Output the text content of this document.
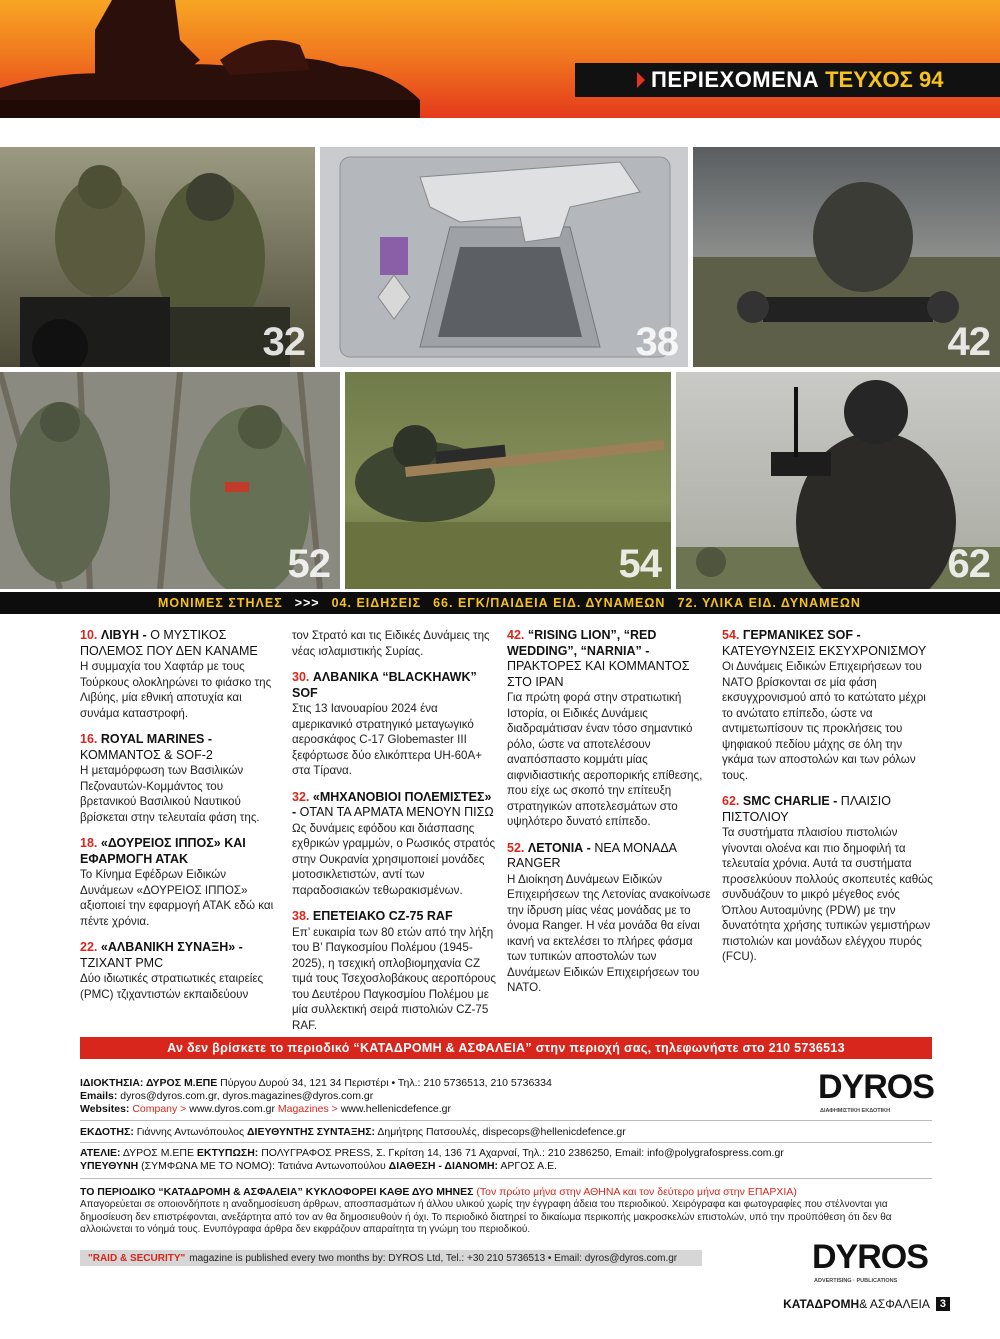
ΠΕΡΙΕΧΟΜΕΝΑ ΤΕΥΧΟΣ 94
32	38	42
52	54	62
ΜΟΝΙΜΕΣ ΣΤΗΛΕΣ >>> 04. ΕΙΔΗΣΕΙΣ 66. ΕΓΚ/ΠΑΙΔΕΙΑ ΕΙΔ. ΔΥΝΑΜΕΩΝ 72. ΥΛΙΚΑ ΕΙΔ. ΔΥΝΑΜΕΩΝ
10. ΛΙΒΥΗ - Ο ΜΥΣΤΙΚΟΣ ΠΟΛΕΜΟΣ ΠΟΥ ΔΕΝ ΚΑΝΑΜΕ
Η συμμαχία του Χαφτάρ με τους Τούρκους ολοκληρώνει το φιάσκο της Λιβύης, μία εθνική αποτυχία και συνάμα καταστροφή.
16. ROYAL MARINES - ΚΟΜΜΑΝΤΟΣ & SOF-2
Η μεταμόρφωση των Βασιλικών Πεζοναυτών-Κομμάντος του βρετανικού Βασιλικού Ναυτικού βρίσκεται στην τελευταία φάση της.
18. «ΔΟΥΡΕΙΟΣ ΙΠΠΟΣ» ΚΑΙ ΕΦΑΡΜΟΓΗ ΑΤΑΚ
Το Κίνημα Εφέδρων Ειδικών Δυνάμεων «ΔΟΥΡΕΙΟΣ ΙΠΠΟΣ» αξιοποιεί την εφαρμογή ΑΤΑΚ εδώ και πέντε χρόνια.
22. «ΑΛΒΑΝΙΚΗ ΣΥΝΑΞΗ» - ΤΖΙΧΑΝΤ PMC
Δύο ιδιωτικές στρατιωτικές εταιρείες (PMC) τζιχαντιστών εκπαιδεύουν
τον Στρατό και τις Ειδικές Δυνάμεις της νέας ισλαμιστικής Συρίας.
30. ΑΛΒΑΝΙΚΑ “BLACKHAWK” SOF
Στις 13 Ιανουαρίου 2024 ένα αμερικανικό στρατηγικό μεταγωγικό αεροσκάφος C-17 Globemaster III ξεφόρτωσε δύο ελικόπτερα UH-60A+ στα Τίρανα.
32. «ΜΗΧΑΝΟΒΙΟΙ ΠΟΛΕΜΙΣΤΕΣ» - ΟΤΑΝ ΤΑ ΑΡΜΑΤΑ ΜΕΝΟΥΝ ΠΙΣΩ
Ως δυνάμεις εφόδου και διάσπασης εχθρικών γραμμών, ο Ρωσικός στρατός στην Ουκρανία χρησιμοποιεί μονάδες μοτοσικλετιστών, αντί των παραδοσιακών τεθωρακισμένων.
38. ΕΠΕΤΕΙΑΚΟ CZ-75 RAF
Επ’ ευκαιρία των 80 ετών από την λήξη του Β’ Παγκοσμίου Πολέμου (1945-2025), η τσεχική οπλοβιομηχανία CZ τιμά τους Τσεχοσλοβάκους αεροπόρους του Δευτέρου Παγκοσμίου Πολέμου με μία συλλεκτική σειρά πιστολιών CZ-75 RAF.
42. “RISING LION”, “RED WEDDING”, “NARNIA” - ΠΡΑΚΤΟΡΕΣ ΚΑΙ ΚΟΜΜΑΝΤΟΣ ΣΤΟ ΙΡΑΝ
Για πρώτη φορά στην στρατιωτική Ιστορία, οι Ειδικές Δυνάμεις διαδραμάτισαν έναν τόσο σημαντικό ρόλο, ώστε να αποτελέσουν αναπόσπαστο κομμάτι μίας αιφνιδιαστικής αεροπορικής επίθεσης, που είχε ως σκοπό την επίτευξη στρατηγικών αποτελεσμάτων στο υψηλότερο δυνατό επίπεδο.
52. ΛΕΤΟΝΙΑ - ΝΕΑ ΜΟΝΑΔΑ RANGER
Η Διοίκηση Δυνάμεων Ειδικών Επιχειρήσεων της Λετονίας ανακοίνωσε την ίδρυση μίας νέας μονάδας με το όνομα Ranger. Η νέα μονάδα θα είναι ικανή να εκτελέσει το πλήρες φάσμα των τυπικών αποστολών των Δυνάμεων Ειδικών Επιχειρήσεων του NATO.
54. ΓΕΡΜΑΝΙΚΕΣ SOF - ΚΑΤΕΥΘΥΝΣΕΙΣ ΕΚΣΥΧΡΟΝΙΣΜΟΥ
Οι Δυνάμεις Ειδικών Επιχειρήσεων του NATO βρίσκονται σε μία φάση εκσυγχρονισμού από το κατώτατο μέχρι το ανώτατο επίπεδο, ώστε να αντιμετωπίσουν τις προκλήσεις του ψηφιακού πεδίου μάχης σε όλη την γκάμα των αποστολών και των ρόλων τους.
62. SMC CHARLIE - ΠΛΑΙΣΙΟ ΠΙΣΤΟΛΙΟΥ
Τα συστήματα πλαισίου πιστολιών γίνονται ολοένα και πιο δημοφιλή τα τελευταία χρόνια. Αυτά τα συστήματα προσελκύουν πολλούς σκοπευτές καθώς συνδυάζουν το μικρό μέγεθος ενός Όπλου Αυτοαμύνης (PDW) με την δυνατότητα χρήσης τυπικών γεμιστήρων πιστολιών και μονάδων ελέγχου πυρός (FCU).
Αν δεν βρίσκετε το περιοδικό “ΚΑΤΑΔΡΟΜΗ & ΑΣΦΑΛΕΙΑ” στην περιοχή σας, τηλεφωνήστε στο 210 5736513
ΙΔΙΟΚΤΗΣΙΑ: ΔΥΡΟΣ Μ.ΕΠΕ Πύργου Δυρού 34, 121 34 Περιστέρι • Τηλ.: 210 5736513, 210 5736334
Emails: dyros@dyros.com.gr, dyros.magazines@dyros.com.gr
Websites: Company > www.dyros.com.gr Magazines > www.hellenicdefence.gr
ΕΚΔΟΤΗΣ: Γιάννης Αντωνόπουλος ΔΙΕΥΘΥΝΤΗΣ ΣΥΝΤΑΞΗΣ: Δημήτρης Πατσουλές, dispecops@hellenicdefence.gr
ΑΤΕΛΙΕ: ΔΥΡΟΣ Μ.ΕΠΕ ΕΚΤΥΠΩΣΗ: ΠΟΛΥΓΡΑΦΟΣ PRESS, Σ. Γκρίτση 14, 136 71 Αχαρναί, Τηλ.: 210 2386250, Email: info@polygrafospress.com.gr
ΥΠΕΥΘΥΝΗ (ΣΥΜΦΩΝΑ ΜΕ ΤΟ ΝΟΜΟ): Τατιάνα Αντωνοπούλου ΔΙΑΘΕΣΗ - ΔΙΑΝΟΜΗ: ΑΡΓΟΣ Α.Ε.
ΤΟ ΠΕΡΙΟΔΙΚΟ “ΚΑΤΑΔΡΟΜΗ & ΑΣΦΑΛΕΙΑ” ΚΥΚΛΟΦΟΡΕΙ ΚΑΘΕ ΔΥΟ ΜΗΝΕΣ (Τον πρώτο μήνα στην ΑΘΗΝΑ και τον δεύτερο μήνα στην ΕΠΑΡΧΙΑ)
Απαγορεύεται σε οποιονδήποτε η αναδημοσίευση άρθρων, αποσπασμάτων ή άλλου υλικού χωρίς την έγγραφη άδεια του περιοδικού. Χειρόγραφα και φωτογραφίες που στέλνονται για δημοσίευση δεν επιστρέφονται, ανεξάρτητα από τον αν θα δημοσιευθούν ή όχι. Το περιοδικό διατηρεί το δικαίωμα περικοπής μακροσκελών επιστολών, υπό την προϋπόθεση ότι δεν θα αλλοιώνεται το νόημά τους. Ενυπόγραφα άρθρα δεν εκφράζουν απαραίτητα τη γνώμη του περιοδικού.
DYROS
ΔΙΑΦΗΜΙΣΤΙΚΗ ΕΚΔΟΤΙΚΗ
DYROS
ADVERTISING · PUBLICATIONS
"RAID & SECURITY" magazine is published every two months by: DYROS Ltd, Tel.: +30 210 5736513 • Email: dyros@dyros.com.gr
ΚΑΤΑΔΡΟΜΗ & ΑΣΦΑΛΕΙΑ 3
